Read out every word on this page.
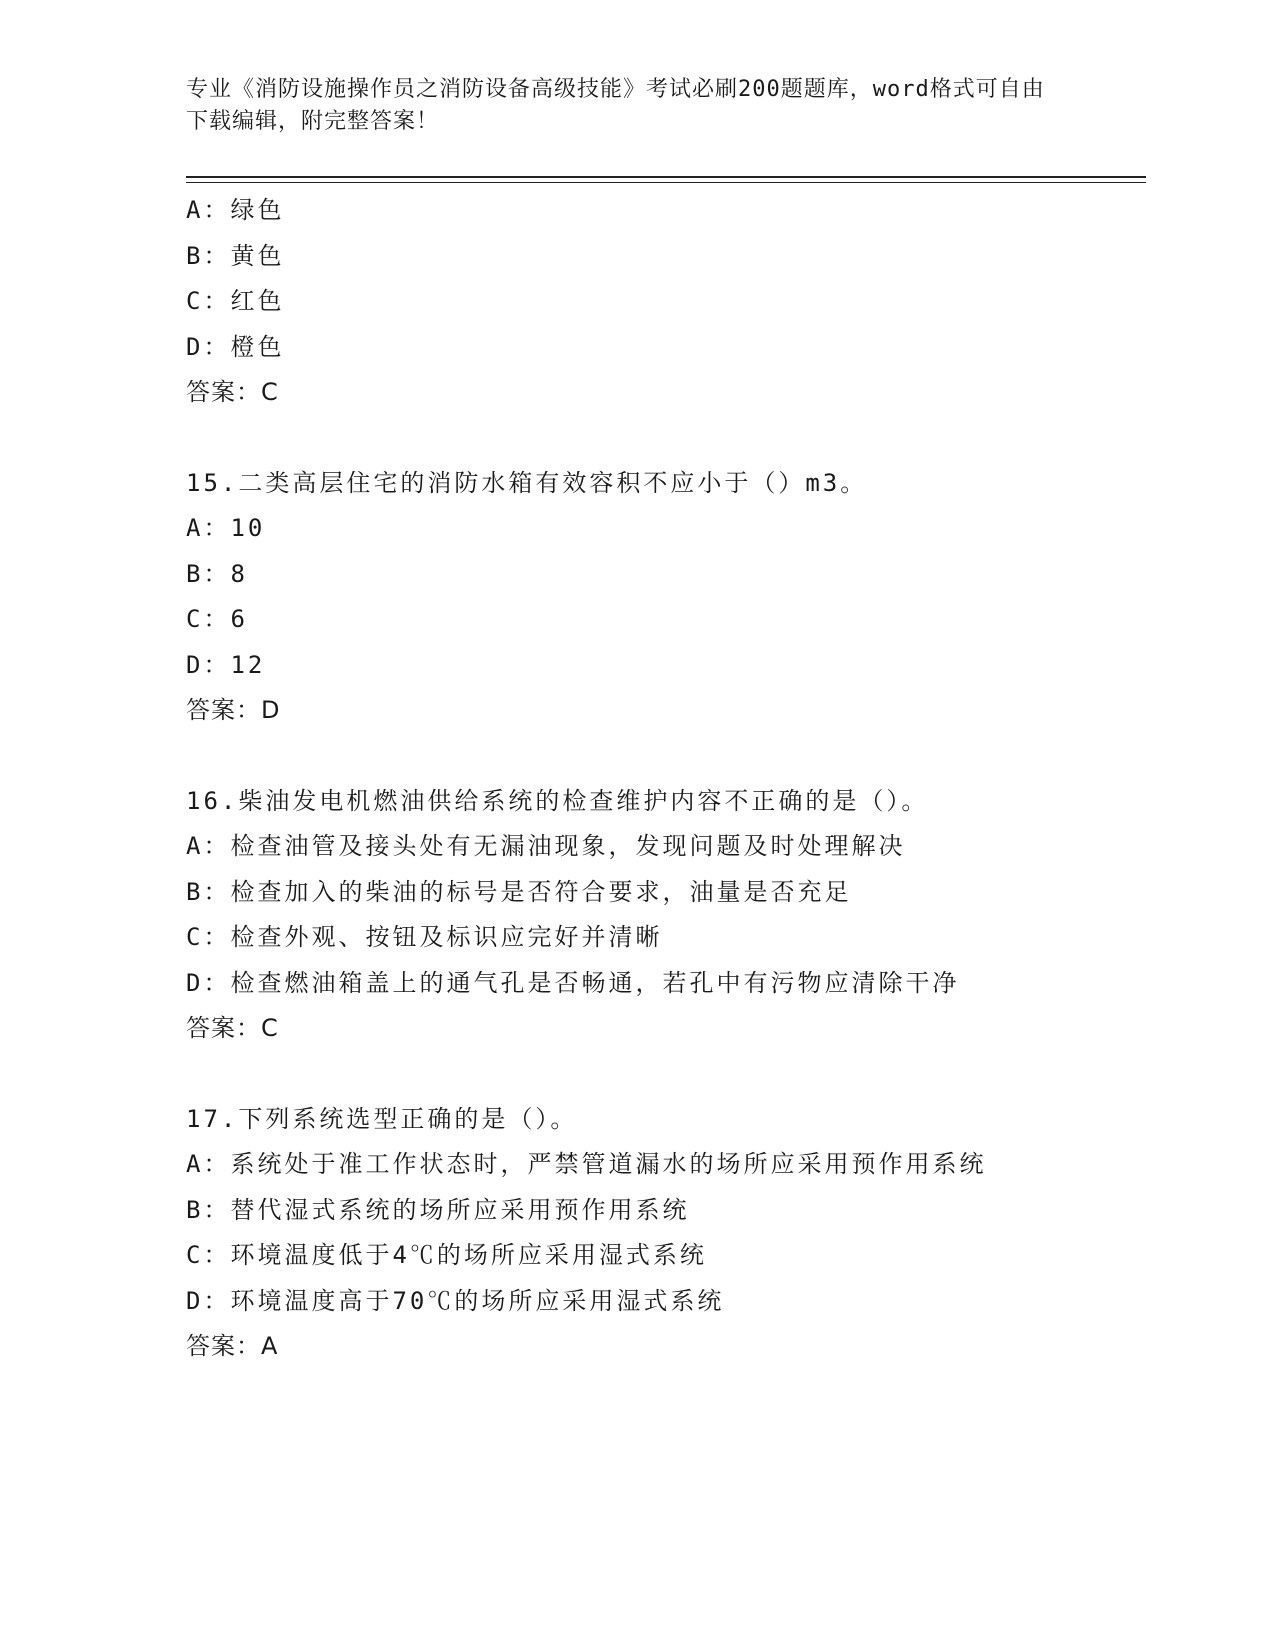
专业《消防设施操作员之消防设备高级技能》考试必刷200题题库，word格式可自由下载编辑，附完整答案！

A：绿色

B：黄色

C：红色

D：橙色

答案：C

15.二类高层住宅的消防水箱有效容积不应小于（）m3。

A：10

B：8

C：6

D：12

答案：D

16.柴油发电机燃油供给系统的检查维护内容不正确的是（）。

A：检查油管及接头处有无漏油现象，发现问题及时处理解决

B：检查加入的柴油的标号是否符合要求，油量是否充足

C：检查外观、按钮及标识应完好并清晰

D：检查燃油箱盖上的通气孔是否畅通，若孔中有污物应清除干净

答案：C

17.下列系统选型正确的是（）。

A：系统处于准工作状态时，严禁管道漏水的场所应采用预作用系统

B：替代湿式系统的场所应采用预作用系统

C：环境温度低于4℃的场所应采用湿式系统

D：环境温度高于70℃的场所应采用湿式系统

答案：A
